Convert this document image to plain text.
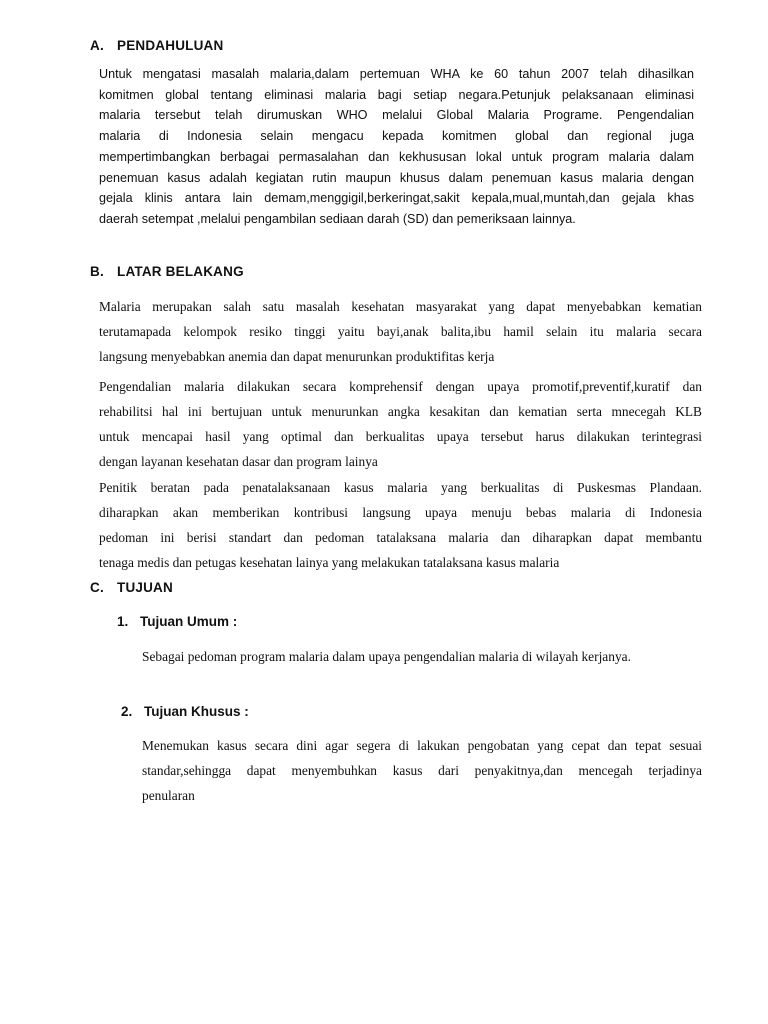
A. PENDAHULUAN

Untuk mengatasi masalah malaria,dalam pertemuan WHA ke 60 tahun 2007 telah dihasilkan
komitmen global tentang eliminasi malaria bagi setiap negara.Petunjuk pelaksanaan eliminasi
malaria tersebut telah dirumuskan WHO melalui Global Malaria Programe. Pengendalian
malaria di Indonesia selain mengacu kepada komitmen global dan regional juga
mempertimbangkan berbagai permasalahan dan kekhususan lokal untuk program malaria dalam
penemuan kasus adalah kegiatan rutin maupun khusus dalam penemuan kasus malaria dengan
gejala klinis antara lain demam,menggigil,berkeringat,sakit kepala,mual,muntah,dan gejala khas
daerah setempat ,melalui pengambilan sediaan darah (SD) dan pemeriksaan lainnya.

B. LATAR BELAKANG

Malaria merupakan salah satu masalah kesehatan masyarakat yang dapat menyebabkan kematian
terutamapada kelompok resiko tinggi yaitu bayi,anak balita,ibu hamil selain itu malaria secara
langsung menyebabkan anemia dan dapat menurunkan produktifitas kerja

Pengendalian malaria dilakukan secara komprehensif dengan upaya promotif,preventif,kuratif dan
rehabilitsi hal ini bertujuan untuk menurunkan angka kesakitan dan kematian serta mnecegah KLB
untuk mencapai hasil yang optimal dan berkualitas upaya tersebut harus dilakukan terintegrasi
dengan layanan kesehatan dasar dan program lainya

Penitik beratan pada penatalaksanaan kasus malaria yang berkualitas di Puskesmas Plandaan.
diharapkan akan memberikan kontribusi langsung upaya menuju bebas malaria di Indonesia
pedoman ini berisi standart dan pedoman tatalaksana malaria dan diharapkan dapat membantu
tenaga medis dan petugas kesehatan lainya yang melakukan tatalaksana kasus malaria

C. TUJUAN
1. Tujuan Umum :

Sebagai pedoman program malaria dalam upaya pengendalian malaria di wilayah kerjanya.

2. Tujuan Khusus :

Menemukan kasus secara dini agar segera di lakukan pengobatan yang cepat dan tepat sesuai
standar,sehingga dapat menyembuhkan kasus dari penyakitnya,dan mencegah terjadinya
penularan
